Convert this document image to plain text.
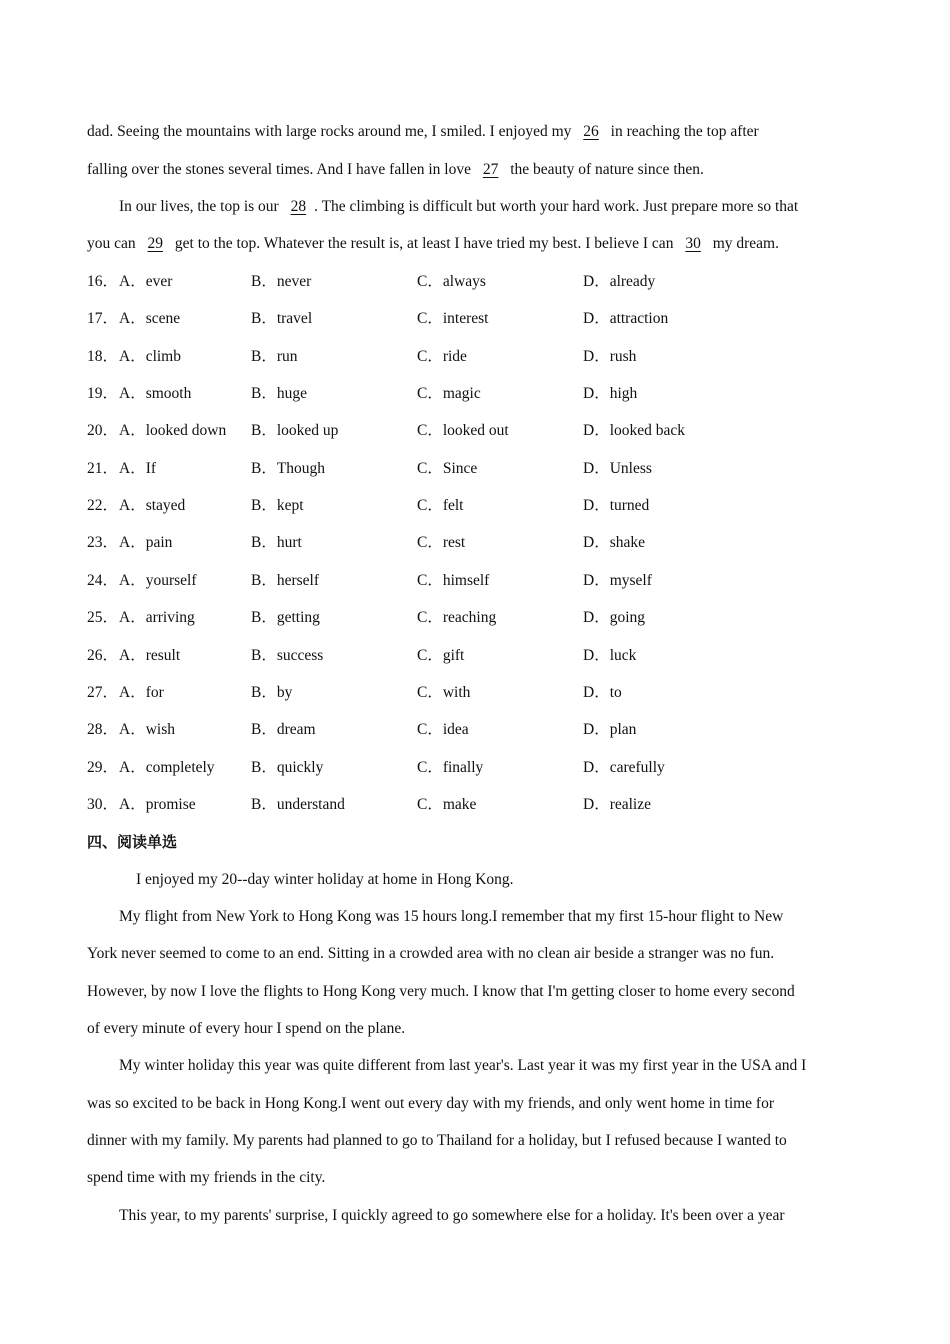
dad. Seeing the mountains with large rocks around me, I smiled. I enjoyed my 26 in reaching the top after
falling over the stones several times. And I have fallen in love 27 the beauty of nature since then.
In our lives, the top is our 28 . The climbing is difficult but worth your hard work. Just prepare more so that
you can 29 get to the top. Whatever the result is, at least I have tried my best. I believe I can 30 my dream.
16． A．ever	B．never	C．always	D．already
17． A．scene	B．travel	C．interest	D．attraction
18． A．climb	B．run	C．ride	D．rush
19． A．smooth	B．huge	C．magic	D．high
20． A．looked down B．looked up	C．looked out	D．looked back
21． A．If	B．Though	C．Since	D．Unless
22． A．stayed	B．kept	C．felt	D．turned
23． A．pain	B．hurt	C．rest	D．shake
24． A．yourself	B．herself	C．himself	D．myself
25． A．arriving	B．getting	C．reaching	D．going
26． A．result	B．success	C．gift	D．luck
27． A．for	B．by	C．with	D．to
28． A．wish	B．dream	C．idea	D．plan
29． A．completely B．quickly	C．finally	D．carefully
30． A．promise	B．understand	C．make	D．realize
四、阅读单选
I enjoyed my 20--day winter holiday at home in Hong Kong.
My flight from New York to Hong Kong was 15 hours long.I remember that my first 15-hour flight to New
York never seemed to come to an end. Sitting in a crowded area with no clean air beside a stranger was no fun.
However, by now I love the flights to Hong Kong very much. I know that I'm getting closer to home every second
of every minute of every hour I spend on the plane.
My winter holiday this year was quite different from last year's. Last year it was my first year in the USA and I
was so excited to be back in Hong Kong.I went out every day with my friends, and only went home in time for
dinner with my family. My parents had planned to go to Thailand for a holiday, but I refused because I wanted to
spend time with my friends in the city.
This year, to my parents' surprise, I quickly agreed to go somewhere else for a holiday. It's been over a year
